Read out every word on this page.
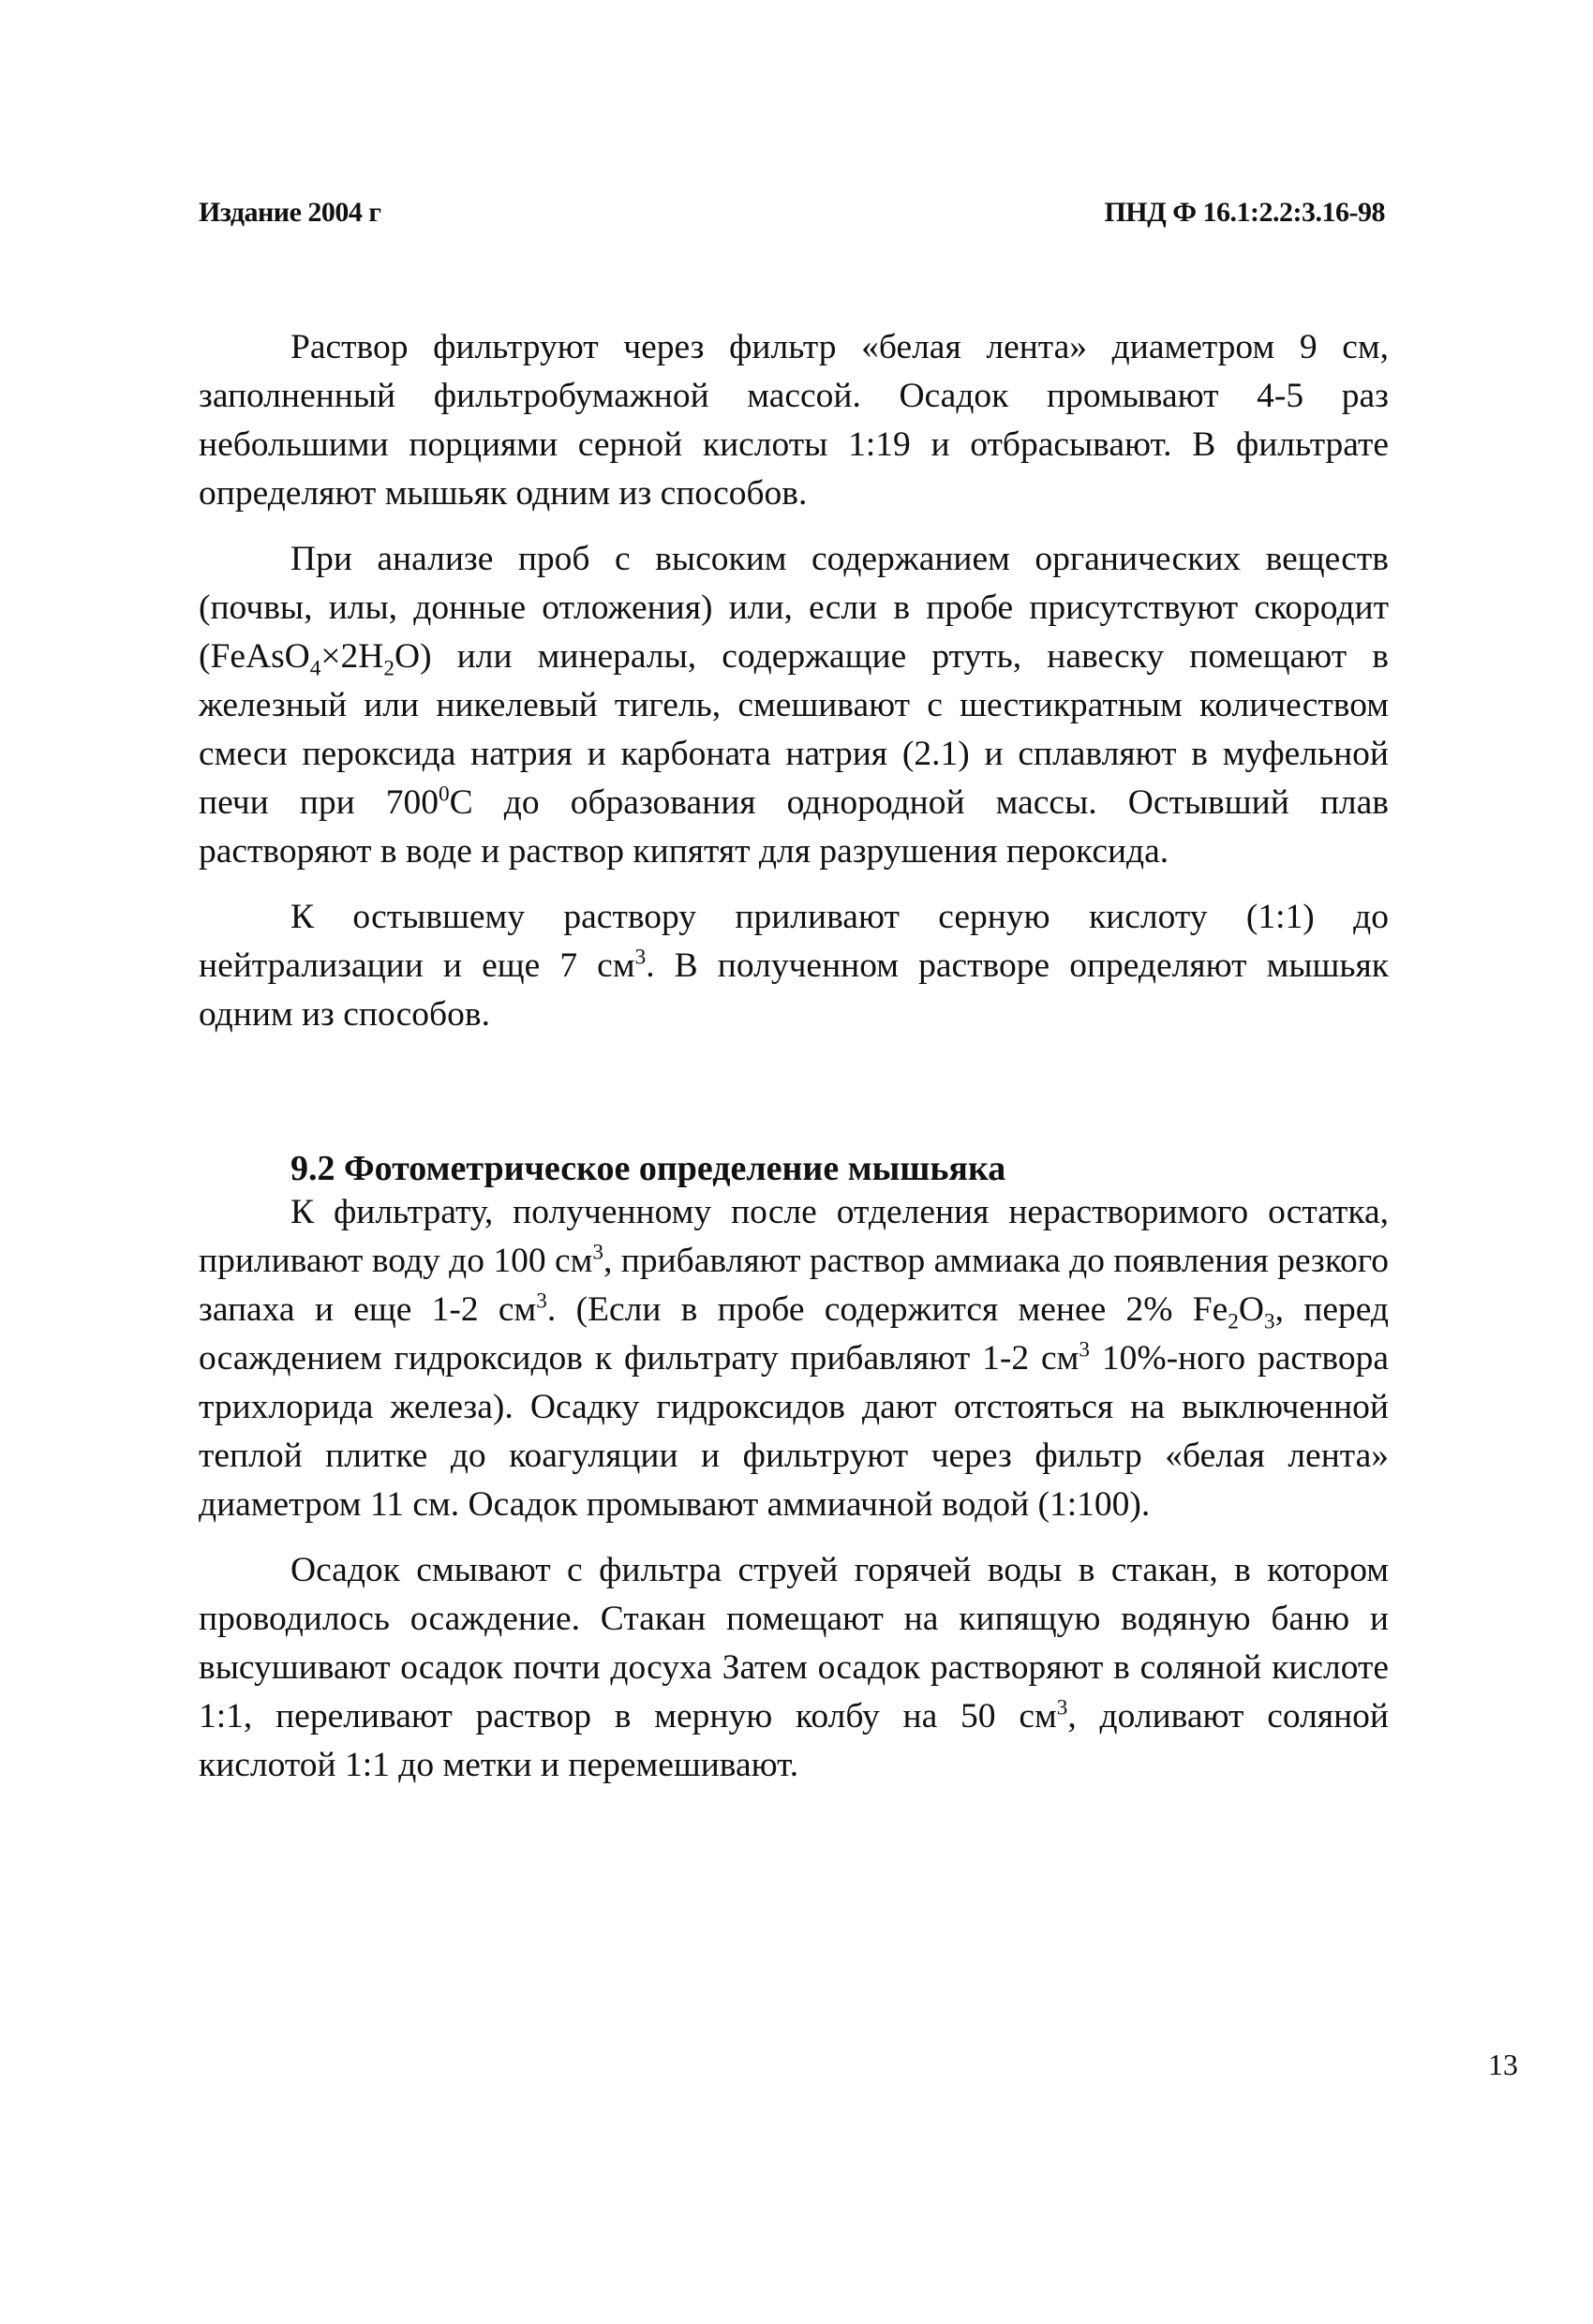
Издание 2004 г	ПНД Ф 16.1:2.2:3.16-98

Раствор фильтруют через фильтр «белая лента» диаметром 9 см, заполненный фильтробумажной массой. Осадок промывают 4-5 раз небольшими порциями серной кислоты 1:19 и отбрасывают. В фильтрате определяют мышьяк одним из способов.

При анализе проб с высоким содержанием органических веществ (почвы, илы, донные отложения) или, если в пробе присутствуют скородит $(FeAsO_4\times 2H_2O)$ или минералы, содержащие ртуть, навеску помещают в железный или никелевый тигель, смешивают с шестикратным количеством смеси пероксида натрия и карбоната натрия (2.1) и сплавляют в муфельной печи при $700^0С$ до образования однородной массы. Остывший плав растворяют в воде и раствор кипятят для разрушения пероксида.

К остывшему раствору приливают серную кислоту (1:1) до нейтрализации и еще 7 $см^3$. В полученном растворе определяют мышьяк одним из способов.

9.2 Фотометрическое определение мышьяка

К фильтрату, полученному после отделения нерастворимого остатка, приливают воду до 100 $см^3$, прибавляют раствор аммиака до появления резкого запаха и еще 1-2 $см^3$. (Если в пробе содержится менее 2% $Fe_2O_3$, перед осаждением гидроксидов к фильтрату прибавляют 1-2 $см^3$ 10%-ного раствора трихлорида железа). Осадку гидроксидов дают отстояться на выключенной теплой плитке до коагуляции и фильтруют через фильтр «белая лента» диаметром 11 см. Осадок промывают аммиачной водой (1:100).

Осадок смывают с фильтра струей горячей воды в стакан, в котором проводилось осаждение. Стакан помещают на кипящую водяную баню и высушивают осадок почти досуха Затем осадок растворяют в соляной кислоте 1:1, переливают раствор в мерную колбу на 50 $см^3$, доливают соляной кислотой 1:1 до метки и перемешивают.

13
